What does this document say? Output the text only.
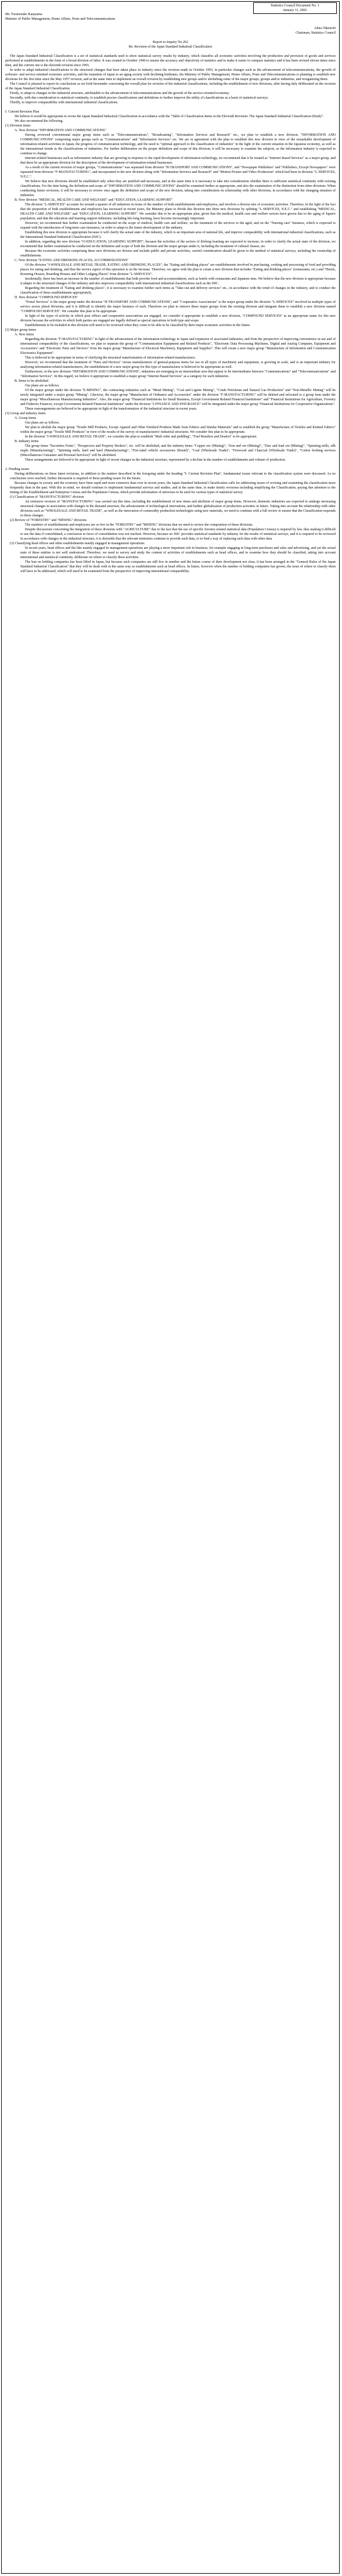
Statistics Council Document No. 1
January 11, 2002
Mr. Toranosuke Katayama
Minister of Public Management, Home Affairs, Posts and Telecommunications
Akira Takeuchi
Chairman, Statistics Council
Report to Inquiry No.262
Re: Revision of the Japan Standard Industrial Classification

The Japan Standard Industrial Classification is a set of statistical standards used to show statistical survey results by industry, which classifies all economic activities involving the production and provision of goods and services performed at establishments in the form of a broad division of labor. It was created in October 1949 to ensure the accuracy and objectivity of statistics and to make it easier to compare statistics and it has been revised eleven times since then, and the current one is the eleventh revision since 1993.

In order to adapt industrial classifications to the structural changes that have taken place in industry since the revision made in October 1993, in particular changes such as the advancement of telecommunications, the growth of software- and service-oriented economic activities, and the transition of Japan to an aging society with declining birthrates, the Ministry of Public Management, Home Affairs, Posts and Telecommunications is planning to establish new divisions for the first time since the May 1957 revision, and at the same time to implement an overall revision by establishing new groups and/or abolishing some of the major groups, groups and/or industries, and reorganizing them.

The Council is pleased to report its conclusions as set forth hereunder concerning the overall plan for revision of the industrial classifications, including the establishment of new divisions, after having duly deliberated on the revision of the Japan Standard Industrial Classification.

Firstly, to adapt to changes in the industrial structure, attributable to the advancement of telecommunications and the growth of the service-oriented economy.

Secondly, with due consideration to statistical continuity, to establish precise classifications and definitions to further improve the utility of classifications as a basis of statistical surveys;

Thirdly, to improve comparability with international industrial classifications.

I. Current Revision Plan

We believe it would be appropriate to revise the Japan Standard Industrial Classification in accordance with the "Table of Classification Items in the Eleventh Revision: The Japan Standard Industrial Classification (Draft)".

We also recommend the following.

(1) Division items
A. New division "INFORMATION AND COMMUNICATIONS"

Having reviewed conventional major group items such as "Telecommunications", "Broadcasting", "Information Services and Research" etc., we plan to establish a new division, "INFORMATION AND COMMUNICATIONS" comprising major groups such as "Communications" and "Information Services" etc. We are in agreement with the plan to establish this new division in view of the remarkable development of information-related activities in Japan, the progress of communication technology, and the need to "optimal approach to the classification of industries" in the light of the current situation in the Japanese economy, as well as the international trends in the classifications of industries. For further deliberation on the proper definition and scope of this division, it will be necessary to examine the subjects, as the information industry is expected to continue to change.

Internet-related businesses such as information industry that are growing in response to the rapid development of information technology, we recommend that it be treated as "Internet Based Services" as a major group, and that there be an appropriate division for the description of the development of information-related businesses.

As a result of the current revision of major groups, "Communications" was separated from division "H-TRANSPORT AND COMMUNICATIONS", and "Newspaper Publishers" and "Publishers, Except Newspapers" were separated from division "F-MANUFACTURING", and incorporated in the new division along with "Information Services and Research" and "Motion Picture and Video Production" which had been in division "L-SERVICES, N.E.C.".

We believe that new divisions should be established only when they are justified and necessary, and at the same time it is necessary to take into consideration whether there is sufficient statistical continuity with existing classifications. For the time being, the definition and scope of "INFORMATION AND COMMUNICATIONS" should be examined further as appropriate, and also the examination of the distinction from other divisions. When conducting future revisions, it will be necessary to review once again the definition and scope of the new division, taking into consideration its relationship with other divisions, in accordance with the changing situation of industries.

B. New division "MEDICAL, HEALTH CARE AND WELFARE" and "EDUCATION, LEARNING SUPPORT"

The division "L-SERVICES" accounts for around a quarter of all industries in terms of the number of both establishments and employees, and involves a diverse mix of economic activities. Therefore, in the light of the fact that the proportion of both establishments and employees has increased in recent years, the Ministry plans to divide this division into three new divisions by splitting "L-SERVICES, N.E.C." and establishing "MEDICAL, HEALTH CARE AND WELFARE" and "EDUCATION, LEARNING SUPPORT". We consider this to be an appropriate plan, given that the medical, health care and welfare sectors have grown due to the aging of Japan's population, and that the education and learning support industries, including life-long learning, have become increasingly important.

However, we recommend that further examination be conducted on the scope of medical, health care and welfare, on the treatment of the services to the aged, and on the "Nursing care" business, which is expected to expand with the introduction of long-term care insurance, in order to adapt to the future development of the industry.

Establishing this new division is appropriate because it will clarify the actual state of the industry, which is an important area of national life, and improve comparability with international industrial classifications, such as the International Standard Industrial Classification (ISIC).

In addition, regarding the new division "O-EDUCATION, LEARNING SUPPORT", because the activities of the sectors of lifelong learning are expected to increase, in order to clarify the actual state of the division, we recommend that further examination be conducted on the definition and scope of both the division and the major groups under it, including the treatment of cultural classes, etc.

Because the economic activities comprising these new divisions are diverse and include public and private activities, careful consideration should be given to the method of statistical surveys, including the ownership of establishments.

C. New division "EATING AND DRINKING PLACES, ACCOMMODATIONS"

Of the division "I-WHOLESALE AND RETAIL TRADE, EATING AND DRINKING PLACES", the "Eating and drinking places" are establishments involved in purchasing, cooking and processing of food and providing places for eating and drinking, and thus the service aspect of this operation is on the increase. Therefore, we agree with the plan to create a new division that includes "Eating and drinking places" (restaurants, etc.) and "Hotels, Rooming Houses, Boarding Houses and Other Lodging Places" from division "L-SERVICES".

Incidentally, there has been an increase in the number of establishments that both provide food and accommodation, such as hotels with restaurants and Japanese inns. We believe that the new division is appropriate because it adapts to the structural changes of the industry and also improves comparability with international industrial classifications such as the ISIC.

Regarding the treatment of "Eating and drinking places", it is necessary to examine further such items as "Take-out and delivery services" etc., in accordance with the trend of changes in the industry, and to conduct the classification of these establishments appropriately.

D. New division "COMPOUND SERVICES"

"Postal Services" is the major group under the division "H-TRANSPORT AND COMMUNICATIONS", and "Cooperative Associations" is the major group under the division "L-SERVICES" involved in multiple types of service across plural divisions, and it is difficult to identify the major business of each. Therefore we plan to remove these major groups from the existing division and integrate them to establish a new division named "COMPOUND SERVICES". We consider this plan to be appropriate.

In light of the types of activity in which post offices and cooperative associations are engaged, we consider it appropriate to establish a new division, "COMPOUND SERVICES" as an appropriate name for this new division because the activities in which both parties are engaged are legally defined as special operations in both type and scope.

Establishments to be included in this division will need to be reviewed when they come to be able to be classified by their major economic activities in the future.

(2) Major group items
A. New items

Regarding the division "F-MANUFACTURING" in light of the advancement of the information technology in Japan and expansion of associated industries, and from the perspective of improving convenience in use and of international comparability of the classifications, we plan to separate the group of "Communication Equipment and Related Products", "Electronic Data Processing Machines, Digital and Analog Computer, Equipment and Accessories" and "Electronic Parts and Devices" from the major group "Manufacture of Electrical Machinery, Equipment and Supplies". This will create a new major group "Manufacture of Information and Communication Electronics Equipment".

This is believed to be appropriate in terms of clarifying the structural transformation of information-related manufacturers.

However, we recommend that the treatment of "Parts and Devices" versus manufacturers of general-purpose items for use in all types of machinery and equipment, is growing in scale, and is an important industry for analyzing information-related manufacturers, the establishment of a new major group for this type of manufacturer is believed to be appropriate as well.

Furthermore, in the new division "INFORMATION AND COMMUNICATIONS", industries are emerging in an intermediate area that appear to be intermediates between "Communications" and "Telecommunications" and "Information Services". In this regard, we believe it appropriate to establish a major group "Internet Based Services" as a category for such industries.

B. Items to be abolished

Our plans are as follows.

Of the major groups under the division "E-MINING", the contracting industries such as "Metal Mining", "Coal and Lignite Mining", "Crude Petroleum and Natural Gas Production" and "Non-Metallic Mining" will be newly integrated under a major group "Mining". Likewise, the major group "Manufacture of Ordnance and Accessories" under the division "F-MANUFACTURING" will be deleted and relocated to a group item under the major group "Miscellaneous Manufacturing Industries". Also, the major group "Financial Institutions for Small Business, Except Government Related Financial Institutions" and "Financial Institutions for Agriculture, Forestry and Fisheries Finances, except Government Related Financial Institutions" under the division "J-FINANCE AND INSURANCE" will be integrated under the major group "Financial Institutions for Cooperative Organizations".

These rearrangements are believed to be appropriate in light of the transformation of the industrial structure in recent years.

(3) Group and industry items
A. Group items

Our plans are as follows.

We plan to abolish the major group "Textile Mill Products, Except Apparel and Other Finished Products Made from Fabrics and Similar Materials" and to establish the group "Manufacture of Textiles and Knitted Fabrics" within the major group "Textile Mill Products" in view of the results of the survey of manufacturers' industrial structures. We consider this plan to be appropriate.

In the division "I-WHOLESALE AND RETAIL TRADE", we consider the plan to establish "Mail order and peddling", "Fuel Retailers and Dealers" to be appropriate.

B. Industry items

The group items "Securities Firms", "Prospectors and Property Brokers", etc. will be abolished, and the industry items "Copper ore (Mining)", "Iron and ore (Mining)", "Zinc and lead ore (Mining)", "Spinning mills, silk staple (Manufacturing)", "Spinning mills, hard and hard (Manufacturing)", "Fire-rated vehicle accessories (Retail)", "Coal (Wholesale Trade)", "Firewood and Charcoal (Wholesale Trade)", "Cotton broking services (Miscellaneous Consumer and Personal Services)" will be abolished.

These arrangements are believed to be appropriate in light of recent changes in the industrial structure, represented by a decline in the number of establishments and volume of production.

2. Pending issues

During deliberations on these latest revisions, in addition to the matters described in the foregoing under the heading "I. Current Revision Plan", fundamental issues relevant to the classification system were discussed. As no conclusions were reached, further discussion is required of these pending issues for the future.

Because changes in society and the economy have been rapid and more extensive than ever in recent years, the Japan Standard Industrial Classification calls for addressing issues of revising and examining the classification more frequently than in the past. With this in mind, we should continue to implement fundamental surveys and studies, and at the same time, to make timely revisions including simplifying the Classification, paying due attention to the timing of the Establishment and Enterprise Census and the Population Census, which provide information of universes to be used for various types of statistical survey.

(1) Classification of "MANUFACTURING" division

An extensive revision of "MANUFACTURING" was carried out this time, including the establishment of new items and abolition of major group items. However, domestic industries are expected to undergo increasing structural changes in association with changes in the demand structure, the advancement of technological innovations, and further globalization of production activities in future. Taking into account the relationship with other divisions such as "WHOLESALE AND RETAIL TRADE", as well as the innovation of commodity production technologies using new materials, we need to continue with a full review to ensure that the Classification responds to these changes.

(2) Review of "FORESTRY" and "MINING" divisions

The numbers of establishments and employees are so few in the "FORESTRY" and "MINING" divisions that we need to review the composition of these divisions.

Despite discussions concerning the integration of these divisions with "AGRICULTURE" due to the fact that the use of specific forestry-related statistical data (Population Census) is required by law, thus making it difficult to use the data if consolidated, a conclusion in favor of consolidation was not reached. However, because no ISIC provides statistical standards by industry for the results of statistical surveys, and it is required to be reviewed in accordance with changes in the industrial structure, it is desirable that the relevant ministries continue to provide such data, or to find a way of replacing such data with other data.

(3) Classifying head offices and other establishments mainly engaged in management operations

In recent years, head offices and the like mainly engaged in management operations are playing a more important role in business, for example engaging in long-term purchases and sales and advertising, and yet the actual state of these entities is not well understood. Therefore, we need to survey and study the content of activities of establishments such as head offices, and to examine how they should be classified, taking into account international and statistical continuity, deliberate on where to classify these activities.

The ban on holding companies has been lifted in Japan, but because such companies are still few in number and the future course of their development not clear, it has been arranged in the "General Rules of the Japan Standard Industrial Classification" that they will be dealt with in the same way as establishments such as head offices. In future, however when the number of holding companies has grown, the issue of where to classify them will have to be addressed, which will need to be examined from the perspective of improving international comparability.
